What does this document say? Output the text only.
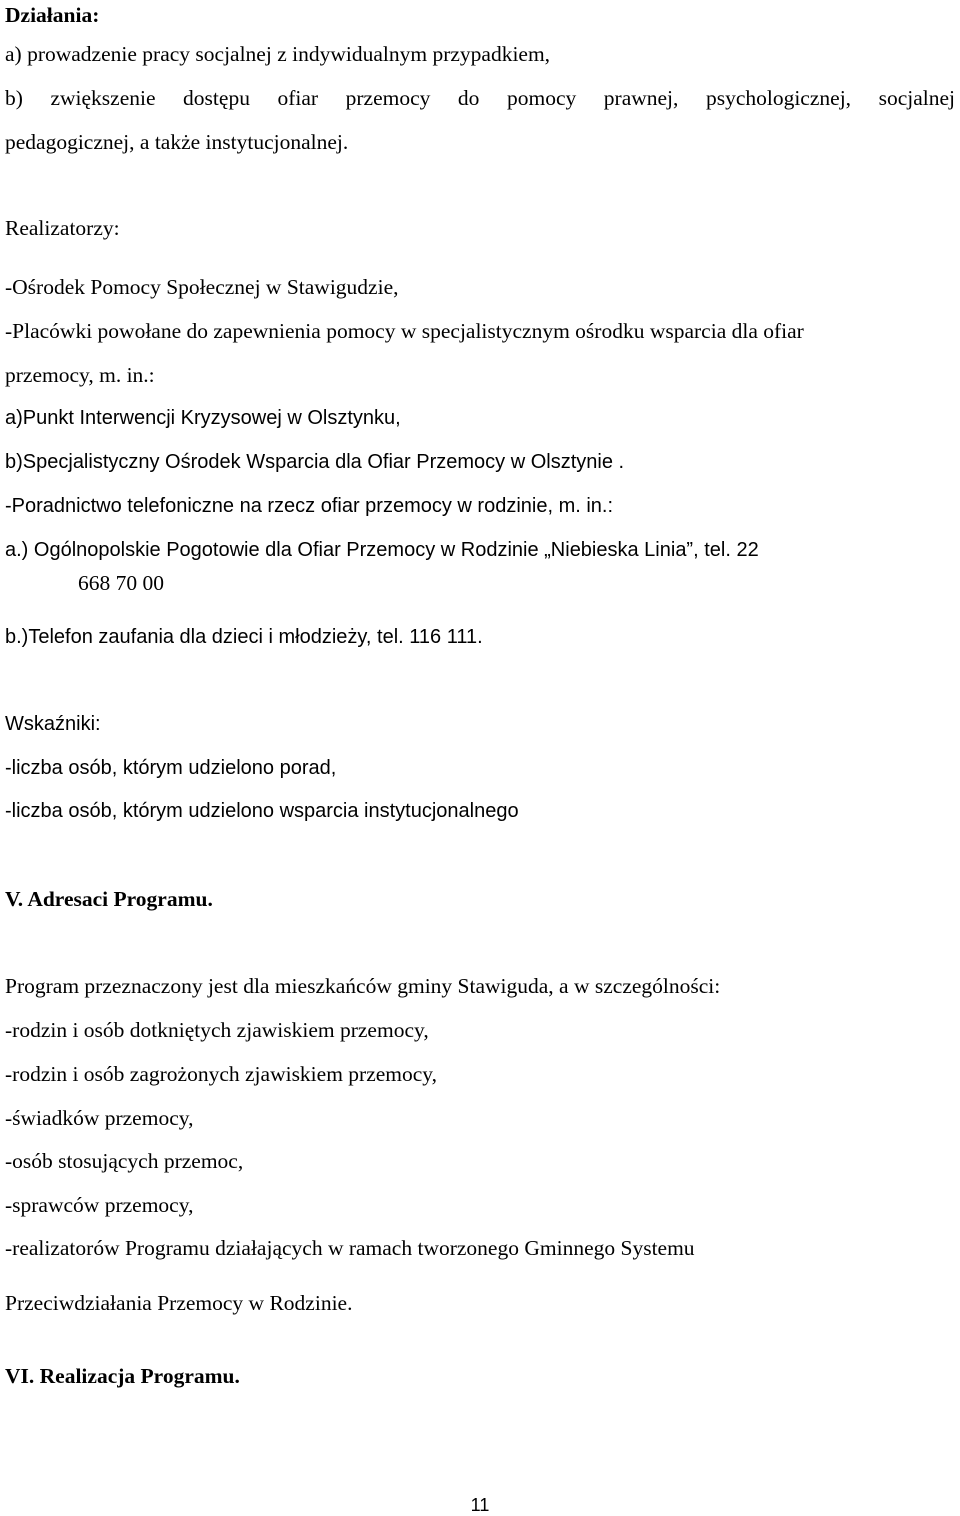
Działania:
a) prowadzenie pracy socjalnej z indywidualnym przypadkiem,
b) zwiększenie dostępu ofiar przemocy do pomocy prawnej, psychologicznej, socjalnej
pedagogicznej, a także instytucjonalnej.
Realizatorzy:
-Ośrodek Pomocy Społecznej w Stawigudzie,
-Placówki powołane do zapewnienia pomocy w specjalistycznym ośrodku wsparcia dla ofiar
przemocy, m. in.:
a)Punkt Interwencji Kryzysowej w Olsztynku,
b)Specjalistyczny Ośrodek Wsparcia dla Ofiar Przemocy w Olsztynie .
-Poradnictwo telefoniczne na rzecz ofiar przemocy w rodzinie, m. in.:
a.) Ogólnopolskie Pogotowie dla Ofiar Przemocy w Rodzinie „Niebieska Linia”, tel. 22
668 70 00
b.)Telefon zaufania dla dzieci i młodzieży, tel. 116 111.
Wskaźniki:
-liczba osób, którym udzielono porad,
-liczba osób, którym udzielono wsparcia instytucjonalnego
V. Adresaci Programu.
Program przeznaczony jest dla mieszkańców gminy Stawiguda, a w szczególności:
-rodzin i osób dotkniętych zjawiskiem przemocy,
-rodzin i osób zagrożonych zjawiskiem przemocy,
-świadków przemocy,
-osób stosujących przemoc,
-sprawców przemocy,
-realizatorów Programu działających w ramach tworzonego Gminnego Systemu
Przeciwdziałania Przemocy w Rodzinie.
VI. Realizacja Programu.
11
